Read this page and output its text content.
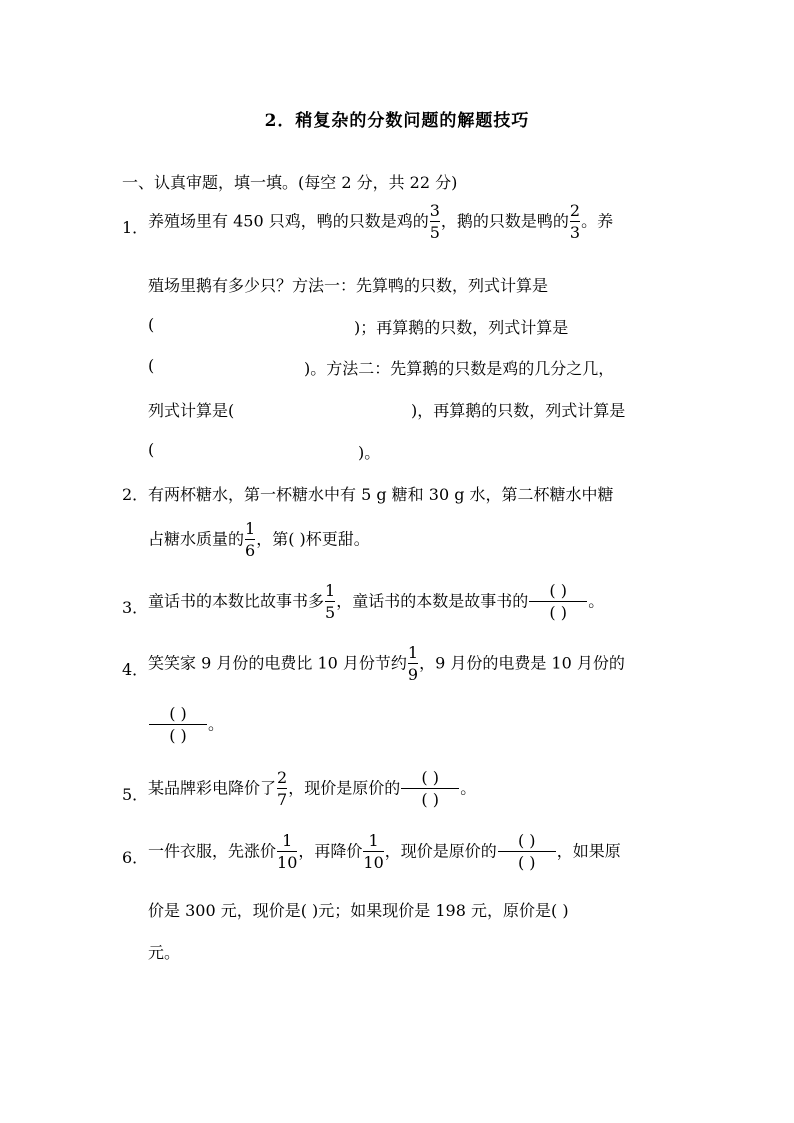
2．稍复杂的分数问题的解题技巧
一、认真审题，填一填。(每空 2 分，共 22 分)
1． 养殖场里有 450 只鸡，鸭的只数是鸡的 $\frac{3}{5}$ ，鹅的只数是鸭的 $\frac{2}{3}$ 。养
殖场里鹅有多少只？方法一：先算鸭的只数，列式计算是
(	)；再算鹅的只数，列式计算是
(	)。方法二：先算鹅的只数是鸡的几分之几，
列式计算是(	)，再算鹅的只数，列式计算是
(	)。
2． 有两杯糖水，第一杯糖水中有 5 g 糖和 30 g 水，第二杯糖水中糖
占糖水质量的 $\frac{1}{6}$ ，第( )杯更甜。
3． 童话书的本数比故事书多 $\frac{1}{5}$ ，童话书的本数是故事书的 $\frac{( )}{( )}$ 。
4． 笑笑家 9 月份的电费比 10 月份节约 $\frac{1}{9}$ ，9 月份的电费是 10 月份的
$\frac{( )}{( )}$ 。
5． 某品牌彩电降价了 $\frac{2}{7}$ ，现价是原价的 $\frac{( )}{( )}$ 。
6． 一件衣服，先涨价 $\frac{1}{10}$ ，再降价 $\frac{1}{10}$ ，现价是原价的 $\frac{( )}{( )}$ ，如果原
价是 300 元，现价是( )元；如果现价是 198 元，原价是( )
元。
